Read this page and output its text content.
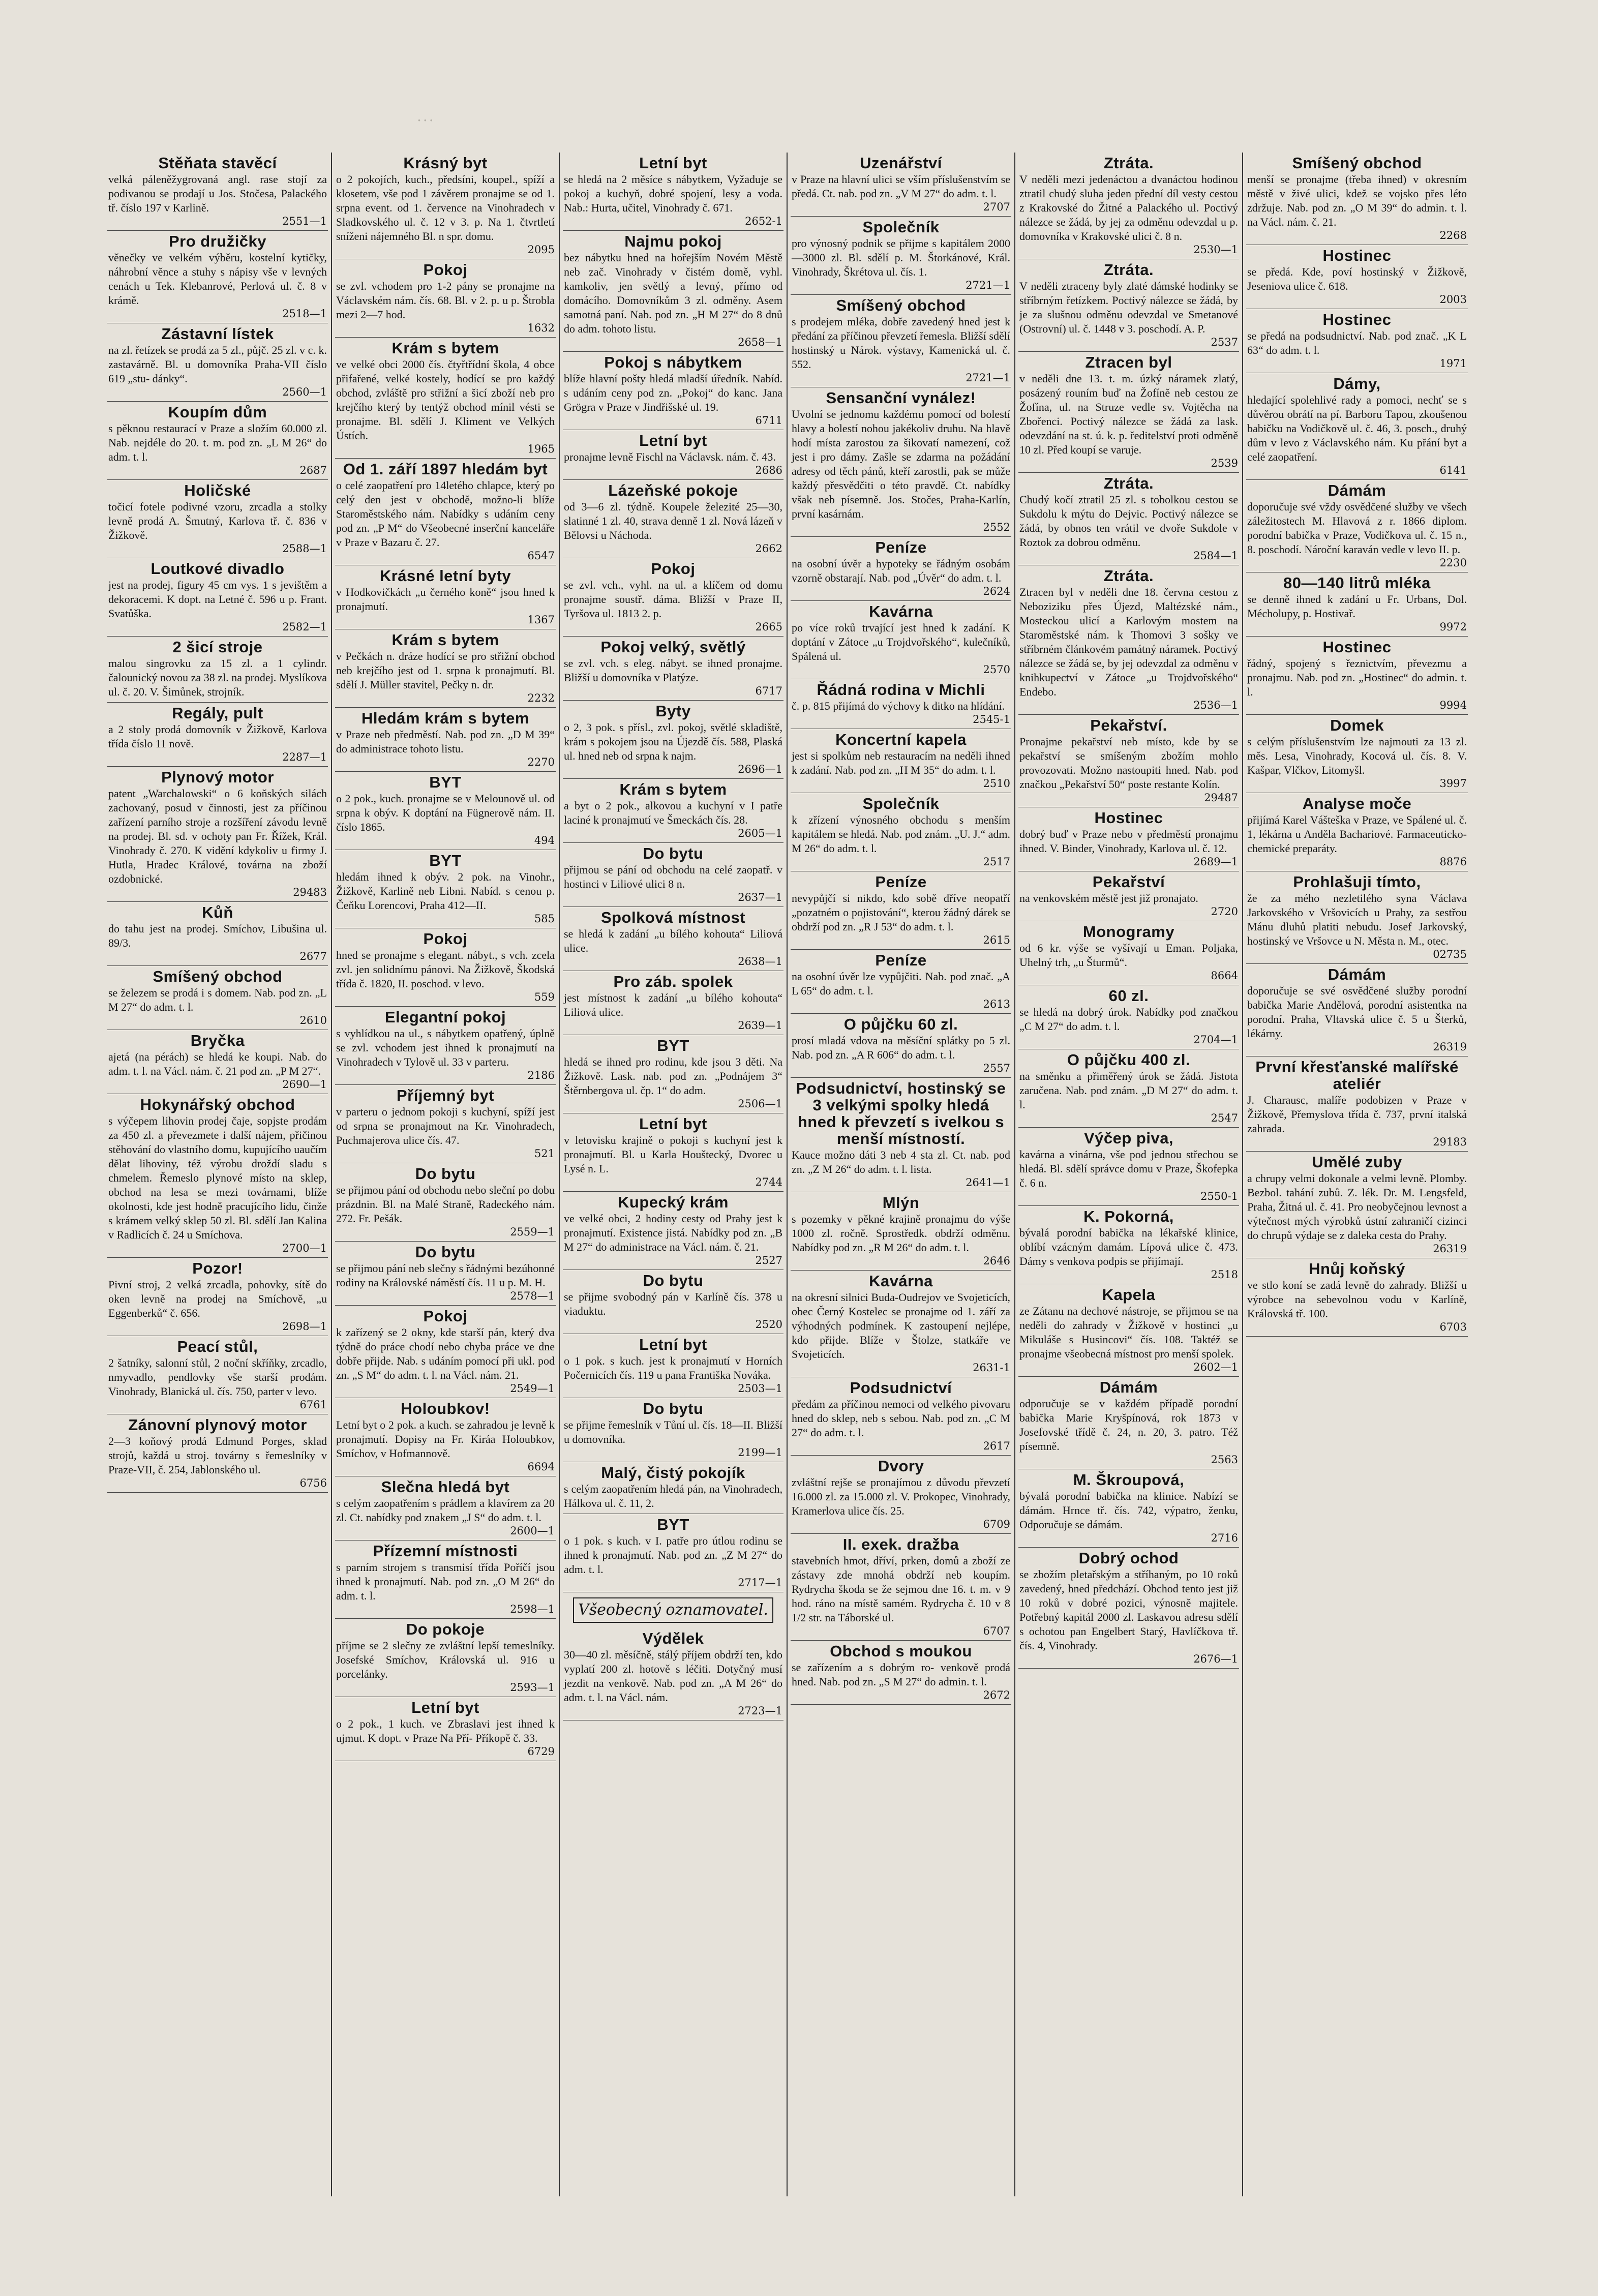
...
Stěňata stavěcí

velká páleněžygrovaná angl. rase stojí za podivanou se prodají u Jos. Stočesa, Palackého tř. číslo 197 v Karlině.

2551—1
Pro družičky

věnečky ve velkém výběru, kostelní kytičky, náhrobní věnce a stuhy s nápisy vše v levných cenách u Tek. Klebanrové, Perlová ul. č. 8 v krámě.

2518—1
Zástavní lístek

na zl. řetízek se prodá za 5 zl., půjč. 25 zl. v c. k. zastavárně. Bl. u domovníka Praha-VII číslo 619 „stu- dánky“.

2560—1
Koupím dům

s pěknou restaurací v Praze a složím 60.000 zl. Nab. nejdéle do 20. t. m. pod zn. „L M 26“ do adm. t. l.

2687
Holičské

točicí fotele podivné vzoru, zrcadla a stolky levně prodá A. Šmutný, Karlova tř. č. 836 v Žižkově.

2588—1
Loutkové divadlo

jest na prodej, figury 45 cm vys. 1 s jevištěm a dekoracemi. K dopt. na Letné č. 596 u p. Frant. Svatůška.

2582—1
2 šicí stroje

malou singrovku za 15 zl. a 1 cylindr. čalounický novou za 38 zl. na prodej. Myslíkova ul. č. 20. V. Šimůnek, strojník.

Regály, pult

a 2 stoly prodá domovník v Žižkově, Karlova třída číslo 11 nově.

2287—1
Plynový motor

patent „Warchalowski“ o 6 koňských silách zachovaný, posud v činnosti, jest za příčinou zařízení parního stroje a rozšíření závodu levně na prodej. Bl. sd. v ochoty pan Fr. Řížek, Král. Vinohrady č. 270. K vidění kdykoliv u firmy J. Hutla, Hradec Králové, továrna na zboží ozdobnické.

29483
Kůň

do tahu jest na prodej. Smíchov, Libušina ul. 89/3.

2677
Smíšený obchod

se železem se prodá i s domem. Nab. pod zn. „L M 27“ do adm. t. l.

2610
Bryčka

ajetá (na pérách) se hledá ke koupi. Nab. do adm. t. l. na Václ. nám. č. 21 pod zn. „P M 27“.

2690—1
Hokynářský obchod

s výčepem lihovin prodej čaje, sopjste prodám za 450 zl. a převezmete i další nájem, přičinou stěhování do vlastního domu, kupujícího uaučím dělat lihoviny, též výrobu droždí sladu s chmelem. Řemeslo plynové místo na sklep, obchod na lesa se mezi továrnami, blíže okolnosti, kde jest hodně pracujícího lidu, činže s krámem velký sklep 50 zl. Bl. sdělí Jan Kalina v Radlicích č. 24 u Smíchova.

2700—1
Pozor!

Pivní stroj, 2 velká zrcadla, pohovky, sítě do oken levně na prodej na Smíchově, „u Eggenberků“ č. 656.

2698—1
Peací stůl,

2 šatníky, salonní stůl, 2 noční skříňky, zrcadlo, nmyvadlo, pendlovky vše starší prodám. Vinohrady, Blanická ul. čís. 750, parter v levo.

6761
Zánovní plynový motor

2—3 koňový prodá Edmund Porges, sklad strojů, každá u stroj. továrny s řemeslníky v Praze-VII, č. 254, Jablonského ul.

6756
Krásný byt

o 2 pokojích, kuch., předsíni, koupel., spíží a klosetem, vše pod 1 závěrem pronajme se od 1. srpna event. od 1. července na Vinohradech v Sladkovského ul. č. 12 v 3. p. Na 1. čtvrtletí sníženi nájemného Bl. n spr. domu.

2095
Pokoj

se zvl. vchodem pro 1-2 pány se pronajme na Václavském nám. čís. 68. Bl. v 2. p. u p. Štrobla mezi 2—7 hod.

1632
Krám s bytem

ve velké obci 2000 čís. čtyřtřídní škola, 4 obce přifařené, velké kostely, hodící se pro každý obchod, zvláště pro střižní a šicí zboží neb pro krejčího který by tentýž obchod mínil vésti se pronajme. Bl. sdělí J. Kliment ve Velkých Ústích.

1965
Od 1. září 1897 hledám byt

o celé zaopatření pro 14letého chlapce, který po celý den jest v obchodě, možno-li blíže Staroměstského nám. Nabídky s udáním ceny pod zn. „P M“ do Všeobecné inserční kanceláře v Praze v Bazaru č. 27.

6547
Krásné letní byty

v Hodkovičkách „u černého koně“ jsou hned k pronajmutí.

1367
Krám s bytem

v Pečkách n. dráze hodící se pro střižní obchod neb krejčího jest od 1. srpna k pronajmutí. Bl. sdělí J. Müller stavitel, Pečky n. dr.

2232
Hledám krám s bytem

v Praze neb předměstí. Nab. pod zn. „D M 39“ do administrace tohoto listu.

2270
BYT

o 2 pok., kuch. pronajme se v Melounově ul. od srpna k obýv. K doptání na Fügnerově nám. II. číslo 1865.

494
BYT

hledám ihned k obýv. 2 pok. na Vinohr., Žižkově, Karlině neb Libni. Nabíd. s cenou p. Čeňku Lorencovi, Praha 412—II.

585
Pokoj

hned se pronajme s elegant. nábyt., s vch. zcela zvl. jen solidnímu pánovi. Na Žižkově, Škodská třída č. 1820, II. poschod. v levo.

559
Elegantní pokoj

s vyhlídkou na ul., s nábytkem opatřený, úplně se zvl. vchodem jest ihned k pronajmutí na Vinohradech v Tylově ul. 33 v parteru.

2186
Příjemný byt

v parteru o jednom pokoji s kuchyní, spíží jest od srpna se pronajmout na Kr. Vinohradech, Puchmajerova ulice čís. 47.

521
Do bytu

se přijmou pání od obchodu nebo sleční po dobu prázdnin. Bl. na Malé Straně, Radeckého nám. 272. Fr. Pešák.

2559—1
Do bytu

se přijmou pání neb slečny s řádnými bezúhonné rodiny na Královské náměstí čís. 11 u p. M. H.

2578—1
Pokoj

k zařízený se 2 okny, kde starší pán, který dva týdně do práce chodí nebo chyba práce ve dne dobře přijde. Nab. s udáním pomocí při ukl. pod zn. „S M“ do adm. t. l. na Václ. nám. 21.

2549—1
Holoubkov!

Letní byt o 2 pok. a kuch. se zahradou je levně k pronajmutí. Dopisy na Fr. Kiráa Holoubkov, Smíchov, v Hofmannově.

6694
Slečna hledá byt

s celým zaopatřením s prádlem a klavírem za 20 zl. Ct. nabídky pod znakem „J S“ do adm. t. l.

2600—1
Přízemní místnosti

s parním strojem s transmisí třída Poříčí jsou ihned k pronajmutí. Nab. pod zn. „O M 26“ do adm. t. l.

2598—1
Do pokoje

příjme se 2 slečny ze zvláštní lepší temeslníky. Josefské Smíchov, Královská ul. 916 u porcelánky.

2593—1
Letní byt

o 2 pok., 1 kuch. ve Zbraslavi jest ihned k ujmut. K dopt. v Praze Na Pří- Příkopě č. 33.

6729
Letní byt

se hledá na 2 měsíce s nábytkem, Vyžaduje se pokoj a kuchyň, dobré spojení, lesy a voda. Nab.: Hurta, učitel, Vinohrady č. 671.

2652-1
Najmu pokoj

bez nábytku hned na hořejším Novém Městě neb zač. Vinohrady v čistém domě, vyhl. kamkoliv, jen světlý a levný, přímo od domácího. Domovníkům 3 zl. odměny. Asem samotná paní. Nab. pod zn. „H M 27“ do 8 dnů do adm. tohoto listu.

2658—1
Pokoj s nábytkem

blíže hlavní pošty hledá mladší úředník. Nabíd. s udáním ceny pod zn. „Pokoj“ do kanc. Jana Grögra v Praze v Jindřišské ul. 19.

6711
Letní byt

pronajme levně Fischl na Václavsk. nám. č. 43.

2686
Lázeňské pokoje

od 3—6 zl. týdně. Koupele železité 25—30, slatinné 1 zl. 40, strava denně 1 zl. Nová lázeň v Bělovsi u Náchoda.

2662
Pokoj

se zvl. vch., vyhl. na ul. a klíčem od domu pronajme soustř. dáma. Bližší v Praze II, Tyršova ul. 1813 2. p.

2665
Pokoj velký, světlý

se zvl. vch. s eleg. nábyt. se ihned pronajme. Bližší u domovníka v Platýze.

6717
Byty

o 2, 3 pok. s přísl., zvl. pokoj, světlé skladiště, krám s pokojem jsou na Újezdě čís. 588, Plaská ul. hned neb od srpna k najm.

2696—1
Krám s bytem

a byt o 2 pok., alkovou a kuchyní v I patře laciné k pronajmutí ve Šmeckách čís. 28.

2605—1
Do bytu

přijmou se pání od obchodu na celé zaopatř. v hostinci v Liliové ulici 8 n.

2637—1
Spolková místnost

se hledá k zadání „u bílého kohouta“ Liliová ulice.

2638—1
Pro záb. spolek

jest místnost k zadání „u bílého kohouta“ Liliová ulice.

2639—1
BYT

hledá se ihned pro rodinu, kde jsou 3 děti. Na Žižkově. Lask. nab. pod zn. „Podnájem 3“ Štěrnbergova ul. čp. 1“ do adm.

2506—1
Letní byt

v letovisku krajině o pokoji s kuchyní jest k pronajmutí. Bl. u Karla Houštecký, Dvorec u Lysé n. L.

2744
Kupecký krám

ve velké obci, 2 hodiny cesty od Prahy jest k pronajmutí. Existence jistá. Nabídky pod zn. „B M 27“ do administrace na Václ. nám. č. 21.

2527
Do bytu

se přijme svobodný pán v Karlíně čís. 378 u viaduktu.

2520
Letní byt

o 1 pok. s kuch. jest k pronajmutí v Horních Počernicích čís. 119 u pana Františka Nováka.

2503—1
Do bytu

se přijme řemeslník v Tůní ul. čís. 18—II. Bližší u domovníka.

2199—1
Malý, čistý pokojík

s celým zaopatřením hledá pán, na Vinohradech, Hálkova ul. č. 11, 2.

BYT

o 1 pok. s kuch. v I. patře pro útlou rodinu se ihned k pronajmutí. Nab. pod zn. „Z M 27“ do adm. t. l.

2717—1
Všeobecný oznamovatel.
Výdělek

30—40 zl. měsíčně, stálý příjem obdrží ten, kdo vyplatí 200 zl. hotově s léčiti. Dotyčný musí jezdit na venkově. Nab. pod zn. „A M 26“ do adm. t. l. na Václ. nám.

2723—1
Uzenářství

v Praze na hlavní ulici se vším příslušenstvím se předá. Ct. nab. pod zn. „V M 27“ do adm. t. l.

2707
Společník

pro výnosný podnik se přijme s kapitálem 2000—3000 zl. Bl. sdělí p. M. Štorkánové, Král. Vinohrady, Škrétova ul. čís. 1.

2721—1
Smíšený obchod

s prodejem mléka, dobře zavedený hned jest k předání za příčinou převzetí řemesla. Bližší sdělí hostinský u Nárok. výstavy, Kamenická ul. č. 552.

2721—1
Sensanční vynález!

Uvolní se jednomu každému pomocí od bolestí hlavy a bolestí nohou jakékoliv druhu. Na hlavě hodí místa zarostou za šikovatí namezení, což jest i pro dámy. Zašle se zdarma na požádání adresy od těch pánů, kteří zarostli, pak se může každý přesvědčiti o této pravdě. Ct. nabídky však neb písemně. Jos. Stočes, Praha-Karlín, první kasárnám.

2552
Peníze

na osobní úvěr a hypoteky se řádným osobám vzorně obstarají. Nab. pod „Úvěr“ do adm. t. l.

2624
Kavárna

po více roků trvající jest hned k zadání. K doptání v Zátoce „u Trojdvořského“, kulečníků, Spálená ul.

2570
Řádná rodina v Michli

č. p. 815 přijímá do výchovy k ditko na hlídání.

2545-1
Koncertní kapela

jest si spolkům neb restauracím na neděli ihned k zadání. Nab. pod zn. „H M 35“ do adm. t. l.

2510
Společník

k zřízení výnosného obchodu s menším kapitálem se hledá. Nab. pod znám. „U. J.“ adm. M 26“ do adm. t. l.

2517
Peníze

nevypůjčí si nikdo, kdo sobě dříve neopatří „pozatném o pojistování“, kterou žádný dárek se obdrží pod zn. „R J 53“ do adm. t. l.

2615
Peníze

na osobní úvěr lze vypůjčiti. Nab. pod znač. „A L 65“ do adm. t. l.

2613
O půjčku 60 zl.

prosí mladá vdova na měsíční splátky po 5 zl. Nab. pod zn. „A R 606“ do adm. t. l.

2557
Podsudnictví, hostinský se 3 velkými spolky hledá hned k převzetí s ivelkou s menší místností.

Kauce možno dáti 3 neb 4 sta zl. Ct. nab. pod zn. „Z M 26“ do adm. t. l. lista.

2641—1
Mlýn

s pozemky v pěkné krajině pronajmu do výše 1000 zl. ročně. Sprostředk. obdrží odměnu. Nabídky pod zn. „R M 26“ do adm. t. l.

2646
Kavárna

na okresní silnici Buda-Oudrejov ve Svojeticích, obec Černý Kostelec se pronajme od 1. září za výhodných podmínek. K zastoupení nejlépe, kdo přijde. Blíže v Štolze, statkáře ve Svojeticích.

2631-1
Podsudnictví

předám za příčinou nemoci od velkého pivovaru hned do sklep, neb s sebou. Nab. pod zn. „C M 27“ do adm. t. l.

2617
Dvory

zvláštní rejše se pronajímou z důvodu převzetí 16.000 zl. za 15.000 zl. V. Prokopec, Vinohrady, Kramerlova ulice čís. 25.

6709
II. exek. dražba

stavebních hmot, dříví, prken, domů a zboží ze zástavy zde mnohá obdrží neb koupím. Rydrycha škoda se že sejmou dne 16. t. m. v 9 hod. ráno na místě samém. Rydrycha č. 10 v 8 1/2 str. na Táborské ul.

6707
Obchod s moukou

se zařízením a s dobrým ro- venkově prodá hned. Nab. pod zn. „S M 27“ do admin. t. l.

2672
Ztráta.

V neděli mezi jedenáctou a dvanáctou hodinou ztratil chudý sluha jeden přední díl vesty cestou z Krakovské do Žitné a Palackého ul. Poctivý nálezce se žádá, by jej za odměnu odevzdal u p. domovníka v Krakovské ulici č. 8 n.

2530—1
Ztráta.

V neděli ztraceny byly zlaté dámské hodinky se stříbrným řetízkem. Poctivý nálezce se žádá, by je za slušnou odměnu odevzdal ve Smetanové (Ostrovní) ul. č. 1448 v 3. poschodí. A. P.

2537
Ztracen byl

v neděli dne 13. t. m. úzký náramek zlatý, posázený rouním buď na Žofíně neb cestou ze Žofína, ul. na Struze vedle sv. Vojtěcha na Zbořenci. Poctivý nálezce se žádá za lask. odevzdání na st. ú. k. p. ředitelství proti odměně 10 zl. Před koupí se varuje.

2539
Ztráta.

Chudý kočí ztratil 25 zl. s tobolkou cestou se Sukdolu k mýtu do Dejvic. Poctivý nálezce se žádá, by obnos ten vrátil ve dvoře Sukdole v Roztok za dobrou odměnu.

2584—1
Ztráta.

Ztracen byl v neděli dne 18. června cestou z Neboziziku přes Újezd, Maltézské nám., Mosteckou ulicí a Karlovým mostem na Staroměstské nám. k Thomovi 3 sošky ve stříbrném článkovém památný náramek. Poctivý nálezce se žádá se, by jej odevzdal za odměnu v knihkupectví v Zátoce „u Trojdvořského“ Endebo.

2536—1
Pekařství.

Pronajme pekařství neb místo, kde by se pekařství se smíšeným zbožím mohlo provozovati. Možno nastoupiti hned. Nab. pod značkou „Pekařství 50“ poste restante Kolín.

29487
Hostinec

dobrý buď v Praze nebo v předměstí pronajmu ihned. V. Binder, Vinohrady, Karlova ul. č. 12.

2689—1
Pekařství

na venkovském městě jest již pronajato.

2720
Monogramy

od 6 kr. výše se vyšívají u Eman. Poljaka, Uhelný trh, „u Šturmů“.

8664
60 zl.

se hledá na dobrý úrok. Nabídky pod značkou „C M 27“ do adm. t. l.

2704—1
O půjčku 400 zl.

na směnku a přiměřený úrok se žádá. Jistota zaručena. Nab. pod znám. „D M 27“ do adm. t. l.

2547
Výčep piva,

kavárna a vinárna, vše pod jednou střechou se hledá. Bl. sdělí správce domu v Praze, Škofepka č. 6 n.

2550-1
K. Pokorná,

bývalá porodní babička na lékařské klinice, oblíbí vzácným damám. Lípová ulice č. 473. Dámy s venkova podpis se přijímají.

2518
Kapela

ze Zátanu na dechové nástroje, se přijmou se na neděli do zahrady v Žižkově v hostinci „u Mikuláše s Husincovi“ čís. 108. Taktéž se pronajme všeobecná místnost pro menší spolek.

2602—1
Dámám

odporučuje se v každém případě porodní babička Marie Kryšpínová, rok 1873 v Josefovské třídě č. 24, n. 20, 3. patro. Též písemně.

2563
M. Škroupová,

bývalá porodní babička na klinice. Nabízí se dámám. Hrnce tř. čís. 742, výpatro, ženku, Odporučuje se dámám.

2716
Dobrý ochod

se zbožím pletařským a stříhaným, po 10 roků zavedený, hned předchází. Obchod tento jest již 10 roků v dobré pozici, výnosně majitele. Potřebný kapitál 2000 zl. Laskavou adresu sdělí s ochotou pan Engelbert Starý, Havlíčkova tř. čís. 4, Vinohrady.

2676—1
Smíšený obchod

menší se pronajme (třeba ihned) v okresním městě v živé ulici, kdež se vojsko přes léto zdržuje. Nab. pod zn. „O M 39“ do admin. t. l. na Václ. nám. č. 21.

2268
Hostinec

se předá. Kde, poví hostinský v Žižkově, Jeseniova ulice č. 618.

2003
Hostinec

se předá na podsudnictví. Nab. pod znač. „K L 63“ do adm. t. l.

1971
Dámy,

hledající spolehlivé rady a pomoci, nechť se s důvěrou obrátí na pí. Barboru Tapou, zkoušenou babičku na Vodičkově ul. č. 46, 3. posch., druhý dům v levo z Václavského nám. Ku přání byt a celé zaopatření.

6141
Dámám

doporučuje své vždy osvědčené služby ve všech záležitostech M. Hlavová z r. 1866 diplom. porodní babička v Praze, Vodičkova ul. č. 15 n., 8. poschodí. Nároční karaván vedle v levo II. p.

2230
80—140 litrů mléka

se denně ihned k zadání u Fr. Urbans, Dol. Mécholupy, p. Hostivař.

9972
Hostinec

řádný, spojený s řeznictvím, převezmu a pronajmu. Nab. pod zn. „Hostinec“ do admin. t. l.

9994
Domek

s celým příslušenstvím lze najmouti za 13 zl. měs. Lesa, Vinohrady, Kocová ul. čís. 8. V. Kašpar, Vlčkov, Litomyšl.

3997
Analyse moče

přijímá Karel Vášteška v Praze, ve Spálené ul. č. 1, lékárna u Anděla Bachariové. Farmaceuticko-chemické preparáty.

8876
Prohlašuji tímto,

že za mého nezletilého syna Václava Jarkovského v Vršovicích u Prahy, za sestřou Mánu dluhů platiti nebudu. Josef Jarkovský, hostinský ve Vršovce u N. Města n. M., otec.

02735
Dámám

doporučuje se své osvědčené služby porodní babička Marie Andělová, porodní asistentka na porodní. Praha, Vltavská ulice č. 5 u Šterků, lékárny.

26319
První křesťanské malířské ateliér

J. Charausc, malíře podobizen v Praze v Žižkově, Přemyslova třída č. 737, první italská zahrada.

29183
Umělé zuby

a chrupy velmi dokonale a velmi levně. Plomby. Bezbol. tahání zubů. Z. lék. Dr. M. Lengsfeld, Praha, Žitná ul. č. 41. Pro neobyčejnou levnost a výtečnost mých výrobků ústní zahraničí cizinci do chrupů výdaje se z daleka cesta do Prahy.

26319
Hnůj koňský

ve stlo koní se zadá levně do zahrady. Bližší u výrobce na sebevolnou vodu v Karlíně, Královská tř. 100.

6703
